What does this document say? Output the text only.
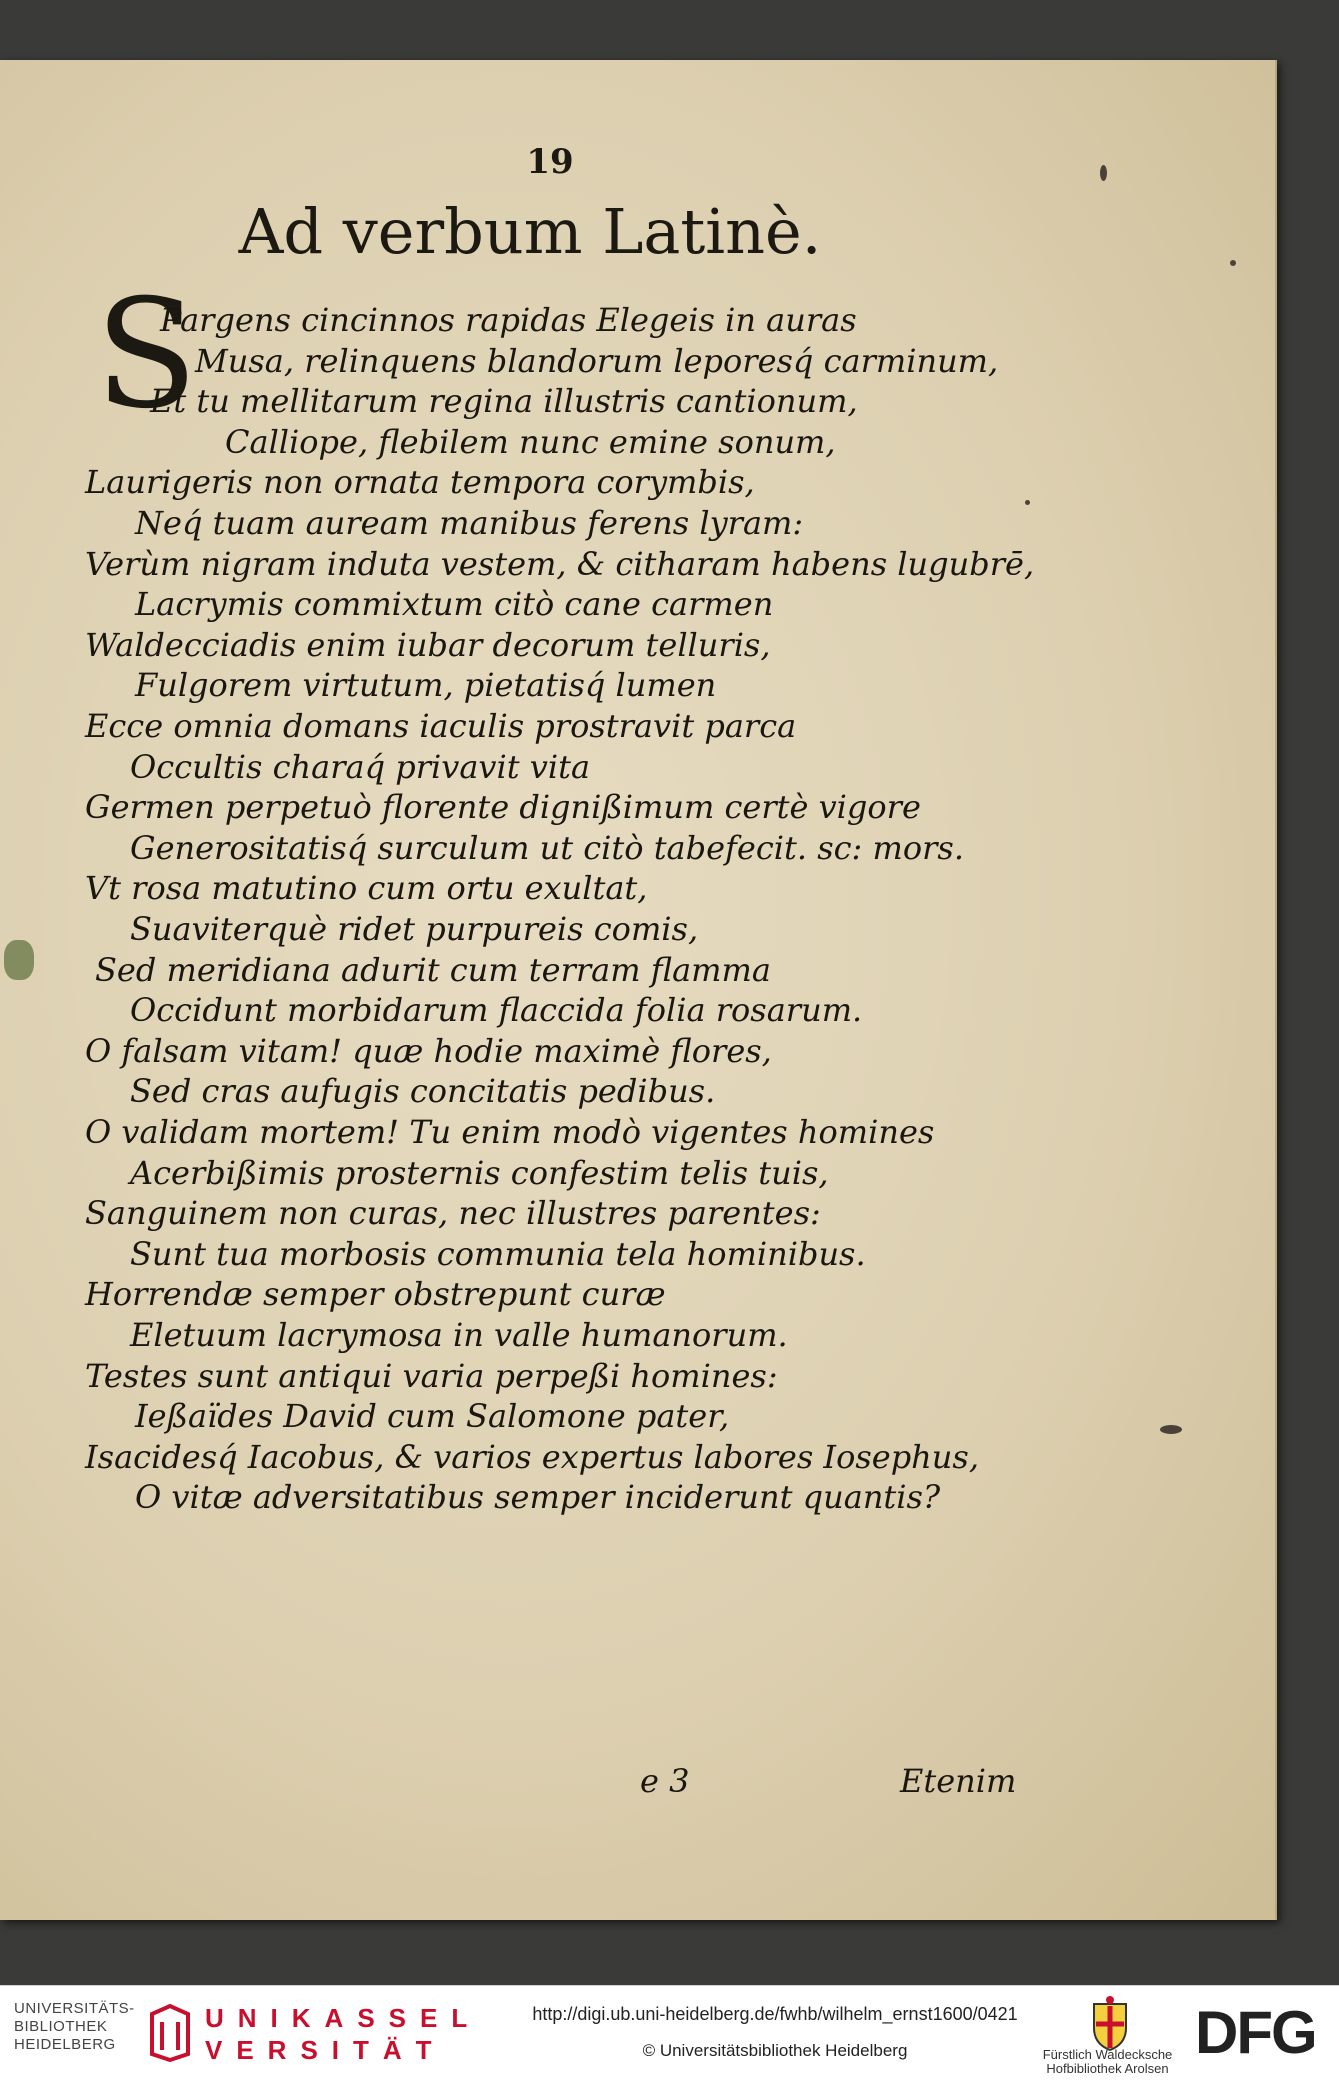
19
Ad verbum Latinè.
S
Pargens cincinnos rapidas Elegeis in auras
Musa, relinquens blandorum leporesq́ carminum,
Et tu mellitarum regina illustris cantionum,
Calliope, flebilem nunc emine sonum,
Laurigeris non ornata tempora corymbis,
Neq́ tuam auream manibus ferens lyram:
Verùm nigram induta vestem, & citharam habens lugubrē,
Lacrymis commixtum citò cane carmen
Waldecciadis enim iubar decorum telluris,
Fulgorem virtutum, pietatisq́ lumen
Ecce omnia domans iaculis prostravit parca
Occultis charaq́ privavit vita
Germen perpetuò florente dignißimum certè vigore
Generositatisq́ surculum ut citò tabefecit. sc: mors.
Vt rosa matutino cum ortu exultat,
Suaviterquè ridet purpureis comis,
Sed meridiana adurit cum terram flamma
Occidunt morbidarum flaccida folia rosarum.
O falsam vitam! quæ hodie maximè flores,
Sed cras aufugis concitatis pedibus.
O validam mortem! Tu enim modò vigentes homines
Acerbißimis prosternis confestim telis tuis,
Sanguinem non curas, nec illustres parentes:
Sunt tua morbosis communia tela hominibus.
Horrendæ semper obstrepunt curæ
Eletuum lacrymosa in valle humanorum.
Testes sunt antiqui varia perpeßi homines:
Ießaïdes David cum Salomone pater,
Isacidesq́ Iacobus, & varios expertus labores Iosephus,
O vitæ adversitatibus semper inciderunt quantis?
e 3	Etenim
UNIVERSITÄTS-
BIBLIOTHEK
HEIDELBERG
UNIKASSEL
VERSITÄT
http://digi.ub.uni-heidelberg.de/fwhb/wilhelm_ernst1600/0421
© Universitätsbibliothek Heidelberg	Fürstlich Waldecksche
Hofbibliothek Arolsen
DFG
